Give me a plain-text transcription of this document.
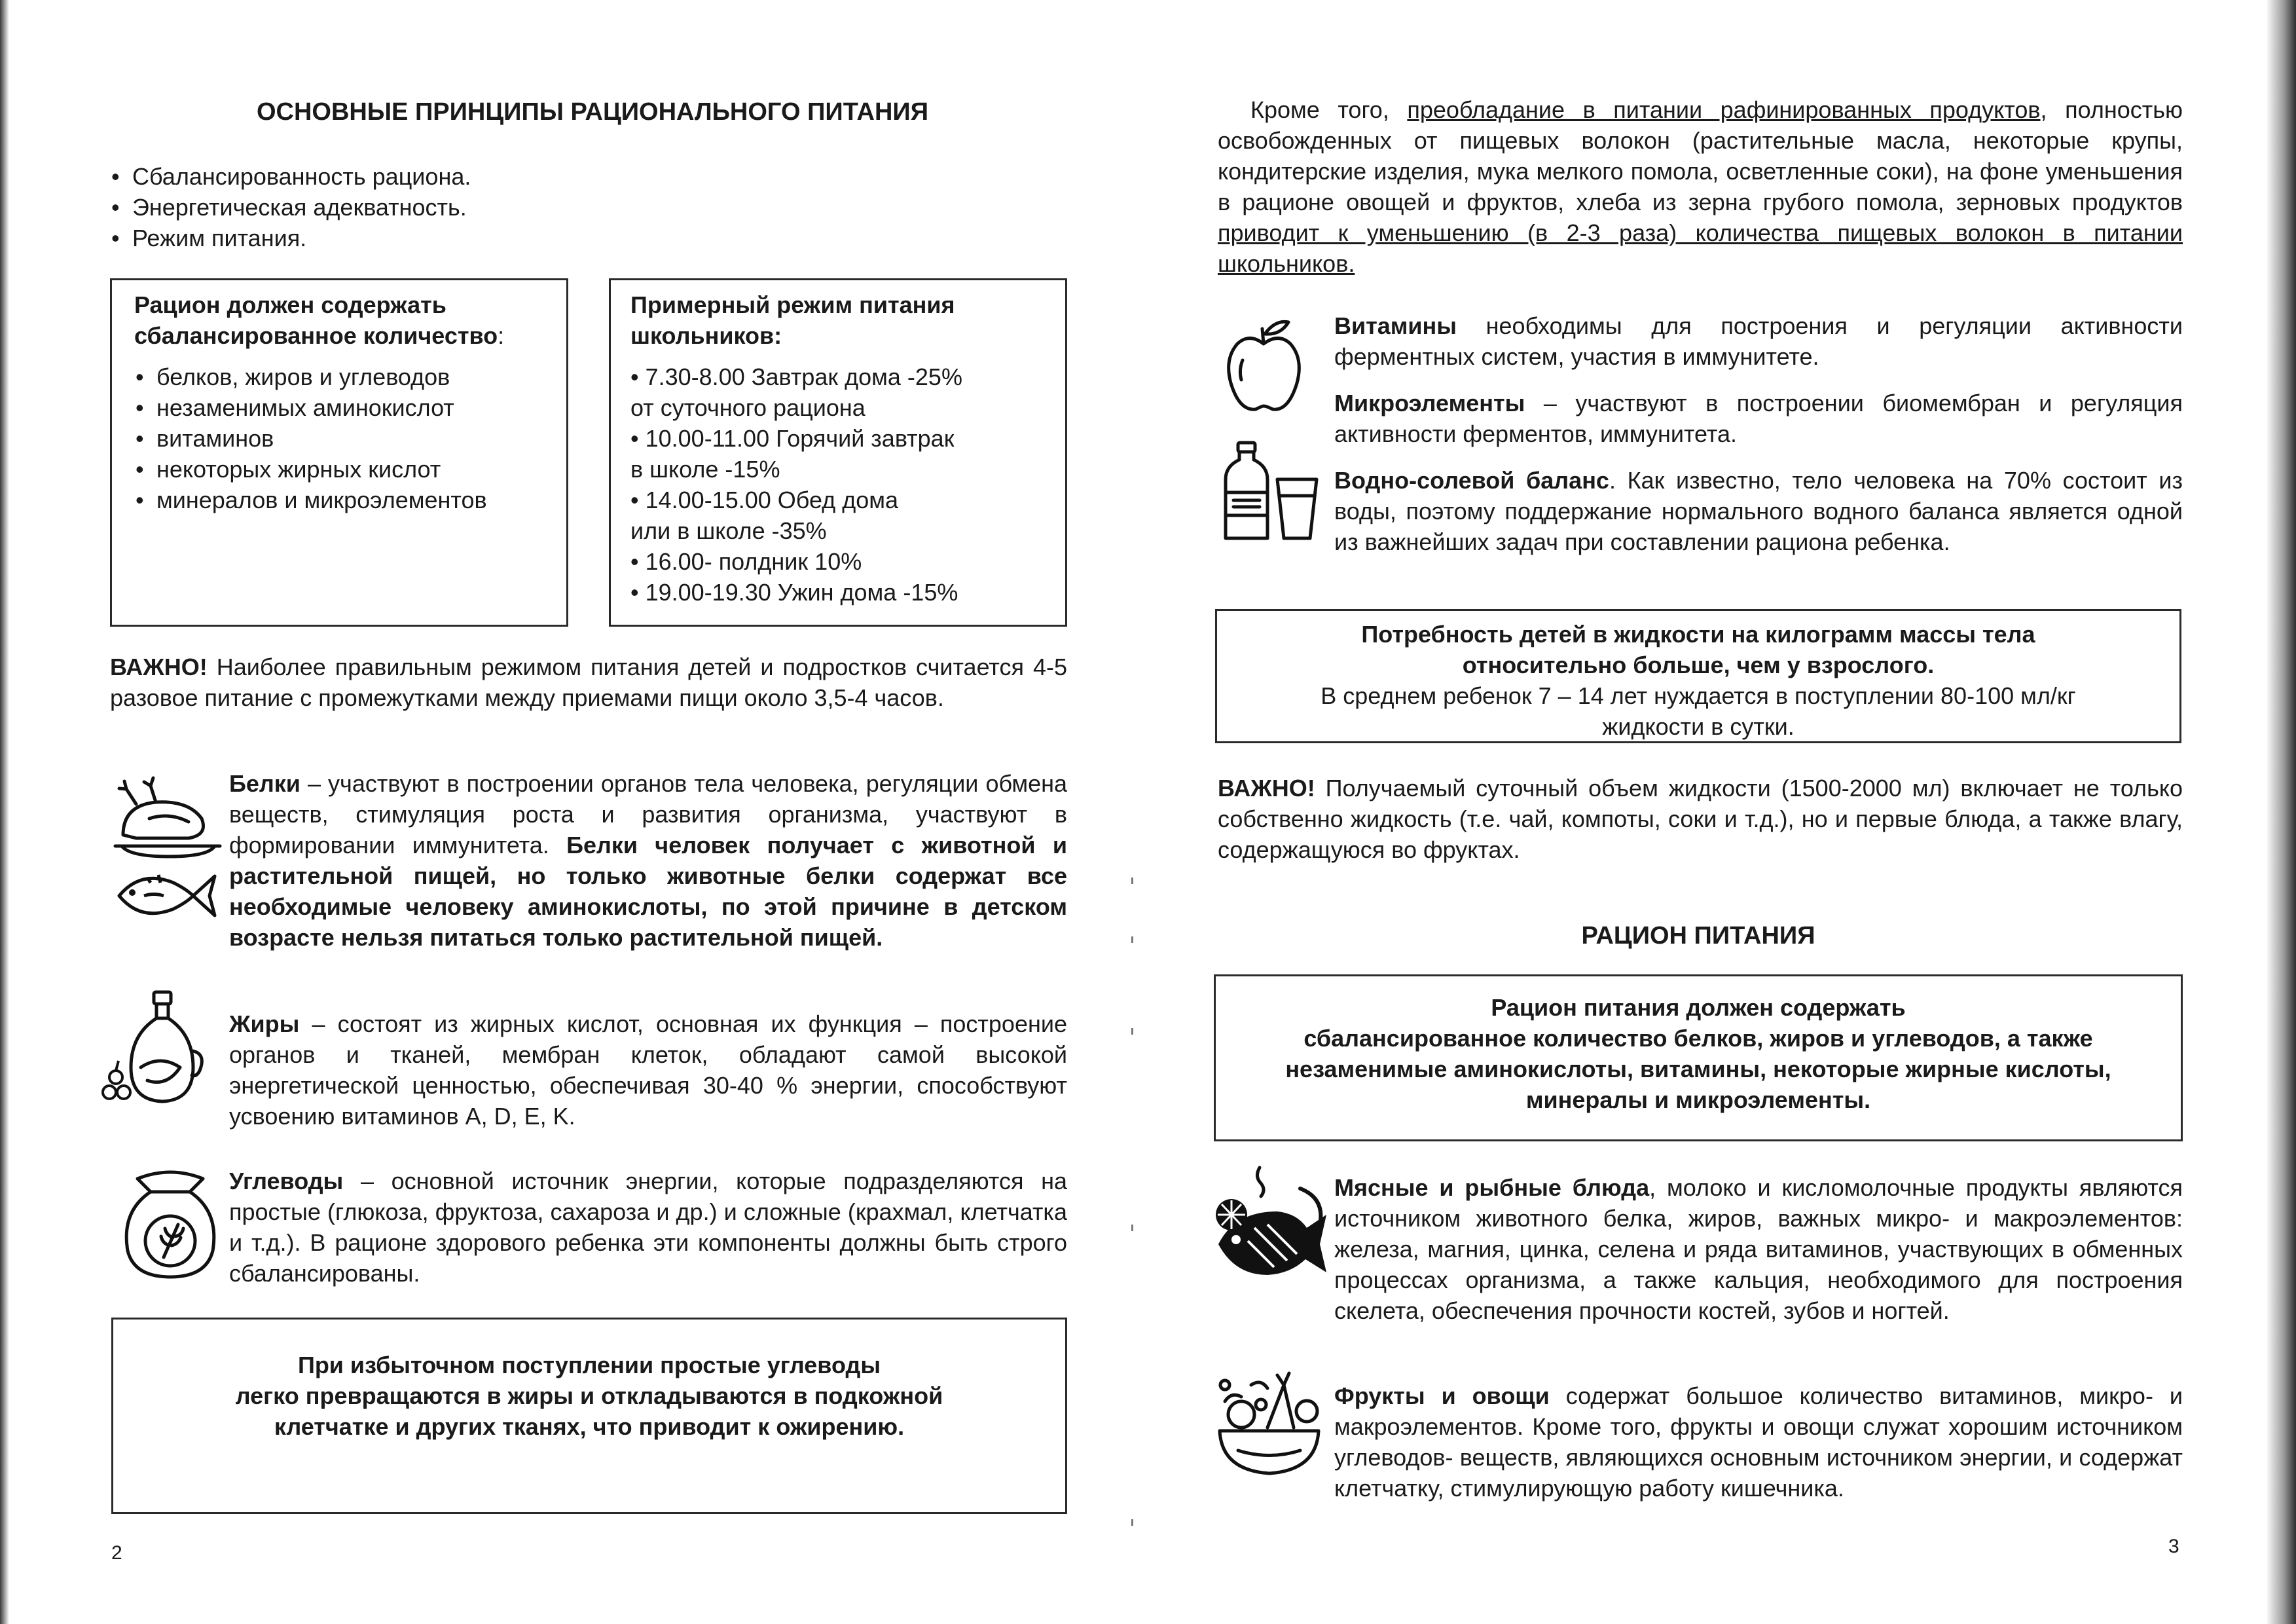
ОСНОВНЫЕ ПРИНЦИПЫ РАЦИОНАЛЬНОГО ПИТАНИЯ
• Сбалансированность рациона.
• Энергетическая адекватность.
• Режим питания.

Рацион должен содержать

сбалансированное количество:

• белков, жиров и углеводов
• незаменимых аминокислот
• витаминов
• некоторых жирных кислот
• минералов и микроэлементов

Примерный режим питания

школьников:

• 7.30-8.00 Завтрак дома -25%
от суточного рациона
• 10.00-11.00 Горячий завтрак
в школе -15%
• 14.00-15.00 Обед дома
или в школе -35%
• 16.00- полдник 10%
• 19.00-19.30 Ужин дома -15%

ВАЖНО! Наиболее правильным режимом питания детей и подростков считается 4-5 разовое питание с промежутками между приемами пищи около 3,5-4 часов.

Белки – участвуют в построении органов тела человека, регуляции обмена веществ, стимуляция роста и развития организма, участвуют в формировании иммунитета. Белки человек получает с животной и растительной пищей, но только животные белки содержат все необходимые человеку аминокислоты, по этой причине в детском возрасте нельзя питаться только растительной пищей.

Жиры – состоят из жирных кислот, основная их функция – построение органов и тканей, мембран клеток, обладают самой высокой энергетической ценностью, обеспечивая 30-40 % энергии, способствуют усвоению витаминов A, D, E, K.

Углеводы – основной источник энергии, которые подразделяются на простые (глюкоза, фруктоза, сахароза и др.) и сложные (крахмал, клетчатка и т.д.). В рационе здорового ребенка эти компоненты должны быть строго сбалансированы.

При избыточном поступлении простые углеводы

легко превращаются в жиры и откладываются в подкожной

клетчатке и других тканях, что приводит к ожирению.

2

Кроме того, преобладание в питании рафинированных продуктов, полностью освобожденных от пищевых волокон (растительные масла, некоторые крупы, кондитерские изделия, мука мелкого помола, осветленные соки), на фоне уменьшения в рационе овощей и фруктов, хлеба из зерна грубого помола, зерновых продуктов приводит к уменьшению (в 2-3 раза) количества пищевых волокон в питании школьников.

Витамины необходимы для построения и регуляции активности ферментных систем, участия в иммунитете.

Микроэлементы – участвуют в построении биомембран и регуляция активности ферментов, иммунитета.

Водно-солевой баланс. Как известно, тело человека на 70% состоит из воды, поэтому поддержание нормального водного баланса является одной из важнейших задач при составлении рациона ребенка.

Потребность детей в жидкости на килограмм массы тела

относительно больше, чем у взрослого.

В среднем ребенок 7 – 14 лет нуждается в поступлении 80-100 мл/кг

жидкости в сутки.

ВАЖНО! Получаемый суточный объем жидкости (1500-2000 мл) включает не только собственно жидкость (т.е. чай, компоты, соки и т.д.), но и первые блюда, а также влагу, содержащуюся во фруктах.

РАЦИОН ПИТАНИЯ

Рацион питания должен содержать

сбалансированное количество белков, жиров и углеводов, а также

незаменимые аминокислоты, витамины, некоторые жирные кислоты,

минералы и микроэлементы.

Мясные и рыбные блюда, молоко и кисломолочные продукты являются источником животного белка, жиров, важных микро- и макроэлементов: железа, магния, цинка, селена и ряда витаминов, участвующих в обменных процессах организма, а также кальция, необходимого для построения скелета, обеспечения прочности костей, зубов и ногтей.

Фрукты и овощи содержат большое количество витаминов, микро- и макроэлементов. Кроме того, фрукты и овощи служат хорошим источником углеводов- веществ, являющихся основным источником энергии, и содержат клетчатку, стимулирующую работу кишечника.

3
